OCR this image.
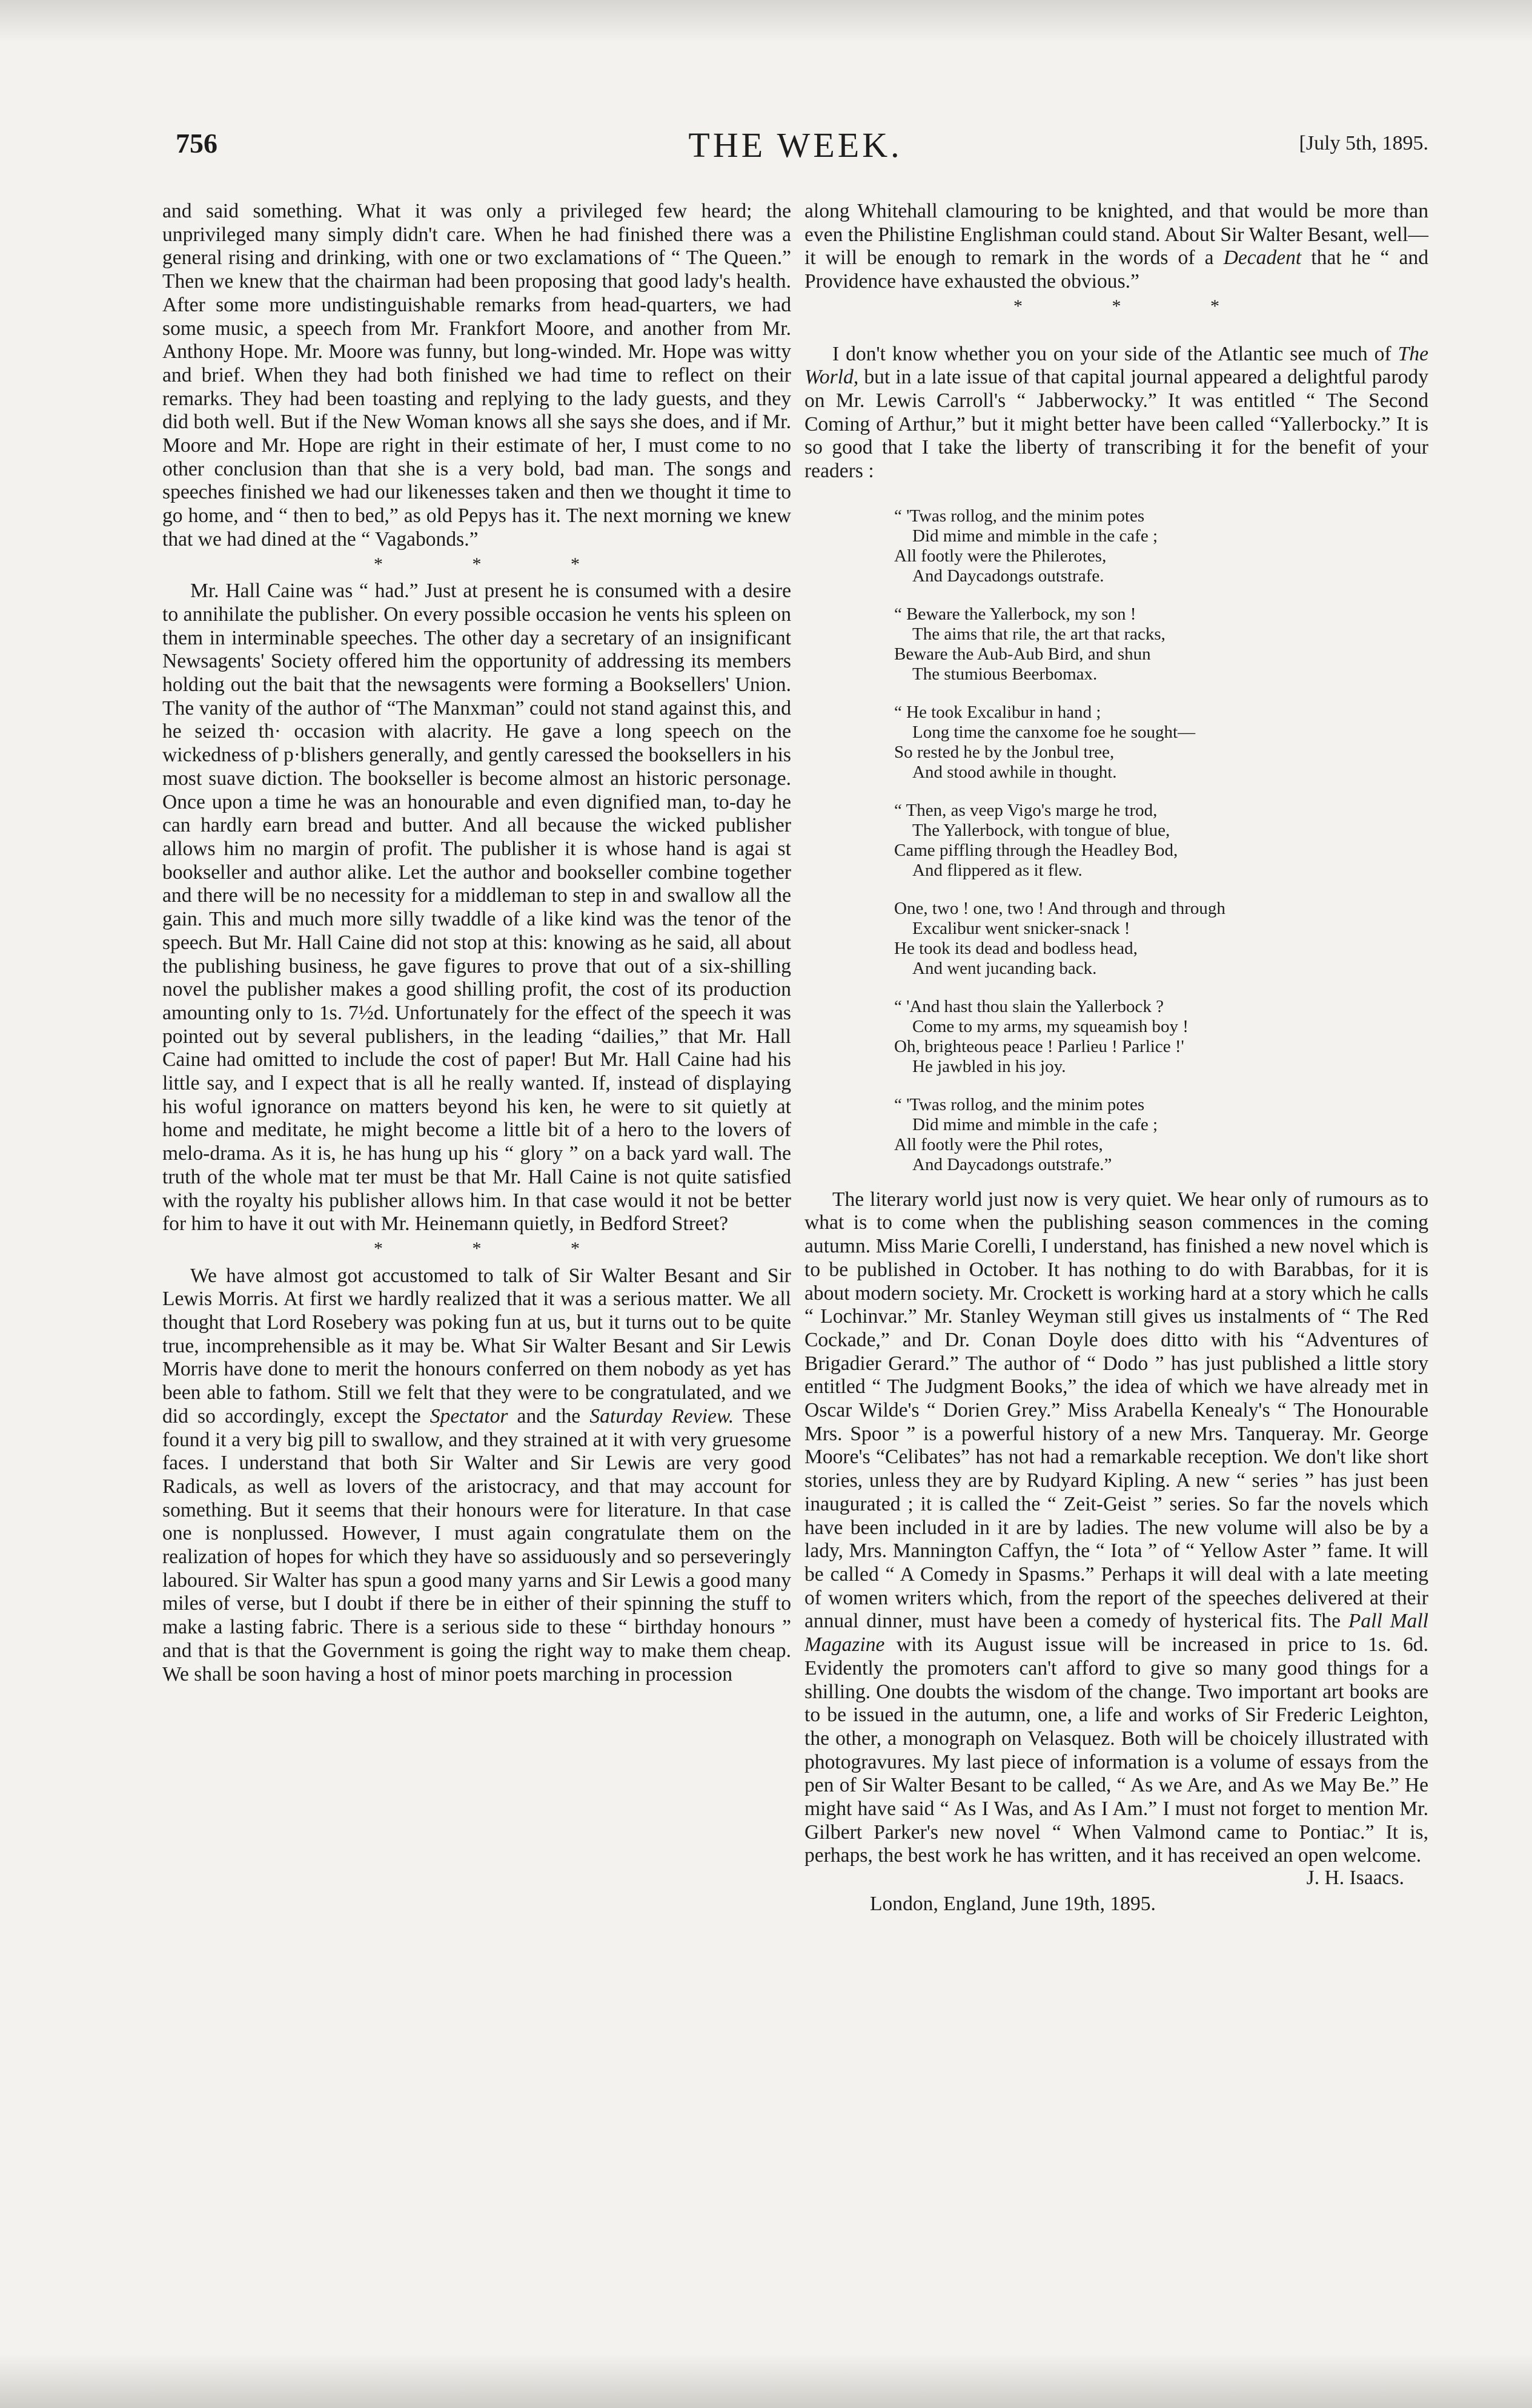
756	THE WEEK.	[July 5th, 1895.

and said something. What it was only a privileged few heard; the unprivileged many simply didn't care. When he had finished there was a general rising and drinking, with one or two exclamations of “ The Queen.” Then we knew that the chairman had been proposing that good lady's health. After some more undistinguishable remarks from head-quarters, we had some music, a speech from Mr. Frankfort Moore, and another from Mr. Anthony Hope. Mr. Moore was funny, but long-winded. Mr. Hope was witty and brief. When they had both finished we had time to reflect on their remarks. They had been toasting and replying to the lady guests, and they did both well. But if the New Woman knows all she says she does, and if Mr. Moore and Mr. Hope are right in their estimate of her, I must come to no other conclusion than that she is a very bold, bad man. The songs and speeches finished we had our likenesses taken and then we thought it time to go home, and “ then to bed,” as old Pepys has it. The next morning we knew that we had dined at the “ Vagabonds.”

* * *

Mr. Hall Caine was “ had.” Just at present he is consumed with a desire to annihilate the publisher. On every possible occasion he vents his spleen on them in interminable speeches. The other day a secretary of an insignificant Newsagents' Society offered him the opportunity of addressing its members holding out the bait that the newsagents were forming a Booksellers' Union. The vanity of the author of “The Manxman” could not stand against this, and he seized th· occasion with alacrity. He gave a long speech on the wickedness of p·blishers generally, and gently caressed the booksellers in his most suave diction. The bookseller is become almost an historic personage. Once upon a time he was an honourable and even dignified man, to-day he can hardly earn bread and butter. And all because the wicked publisher allows him no margin of profit. The publisher it is whose hand is agai st bookseller and author alike. Let the author and bookseller combine together and there will be no necessity for a middleman to step in and swallow all the gain. This and much more silly twaddle of a like kind was the tenor of the speech. But Mr. Hall Caine did not stop at this: knowing as he said, all about the publishing business, he gave figures to prove that out of a six-shilling novel the publisher makes a good shilling profit, the cost of its production amounting only to 1s. 7½d. Unfortunately for the effect of the speech it was pointed out by several publishers, in the leading “dailies,” that Mr. Hall Caine had omitted to include the cost of paper! But Mr. Hall Caine had his little say, and I expect that is all he really wanted. If, instead of displaying his woful ignorance on matters beyond his ken, he were to sit quietly at home and meditate, he might become a little bit of a hero to the lovers of melo-drama. As it is, he has hung up his “ glory ” on a back yard wall. The truth of the whole mat ter must be that Mr. Hall Caine is not quite satisfied with the royalty his publisher allows him. In that case would it not be better for him to have it out with Mr. Heinemann quietly, in Bedford Street?

* * *

We have almost got accustomed to talk of Sir Walter Besant and Sir Lewis Morris. At first we hardly realized that it was a serious matter. We all thought that Lord Rosebery was poking fun at us, but it turns out to be quite true, incomprehensible as it may be. What Sir Walter Besant and Sir Lewis Morris have done to merit the honours conferred on them nobody as yet has been able to fathom. Still we felt that they were to be congratulated, and we did so accordingly, except the Spectator and the Saturday Review. These found it a very big pill to swallow, and they strained at it with very gruesome faces. I understand that both Sir Walter and Sir Lewis are very good Radicals, as well as lovers of the aristocracy, and that may account for something. But it seems that their honours were for literature. In that case one is nonplussed. However, I must again congratulate them on the realization of hopes for which they have so assiduously and so perseveringly laboured. Sir Walter has spun a good many yarns and Sir Lewis a good many miles of verse, but I doubt if there be in either of their spinning the stuff to make a lasting fabric. There is a serious side to these “ birthday honours ” and that is that the Government is going the right way to make them cheap. We shall be soon having a host of minor poets marching in procession

along Whitehall clamouring to be knighted, and that would be more than even the Philistine Englishman could stand. About Sir Walter Besant, well—it will be enough to remark in the words of a Decadent that he “ and Providence have exhausted the obvious.”

* * *

I don't know whether you on your side of the Atlantic see much of The World, but in a late issue of that capital journal appeared a delightful parody on Mr. Lewis Carroll's “ Jabberwocky.” It was entitled “ The Second Coming of Arthur,” but it might better have been called “Yallerbocky.” It is so good that I take the liberty of transcribing it for the benefit of your readers :

“ 'Twas rollog, and the minim potes
Did mime and mimble in the cafe ;
All footly were the Philerotes,
And Daycadongs outstrafe.
“ Beware the Yallerbock, my son !
The aims that rile, the art that racks,
Beware the Aub-Aub Bird, and shun
The stumious Beerbomax.
“ He took Excalibur in hand ;
Long time the canxome foe he sought—
So rested he by the Jonbul tree,
And stood awhile in thought.
“ Then, as veep Vigo's marge he trod,
The Yallerbock, with tongue of blue,
Came piffling through the Headley Bod,
And flippered as it flew.
One, two ! one, two ! And through and through
Excalibur went snicker-snack !
He took its dead and bodless head,
And went jucanding back.
“ 'And hast thou slain the Yallerbock ?
Come to my arms, my squeamish boy !
Oh, brighteous peace ! Parlieu ! Parlice !'
He jawbled in his joy.
“ 'Twas rollog, and the minim potes
Did mime and mimble in the cafe ;
All footly were the Phil rotes,
And Daycadongs outstrafe.”

The literary world just now is very quiet. We hear only of rumours as to what is to come when the publishing season commences in the coming autumn. Miss Marie Corelli, I understand, has finished a new novel which is to be published in October. It has nothing to do with Barabbas, for it is about modern society. Mr. Crockett is working hard at a story which he calls “ Lochinvar.” Mr. Stanley Weyman still gives us instalments of “ The Red Cockade,” and Dr. Conan Doyle does ditto with his “Adventures of Brigadier Gerard.” The author of “ Dodo ” has just published a little story entitled “ The Judgment Books,” the idea of which we have already met in Oscar Wilde's “ Dorien Grey.” Miss Arabella Kenealy's “ The Honourable Mrs. Spoor ” is a powerful history of a new Mrs. Tanqueray. Mr. George Moore's “Celibates” has not had a remarkable reception. We don't like short stories, unless they are by Rudyard Kipling. A new “ series ” has just been inaugurated ; it is called the “ Zeit-Geist ” series. So far the novels which have been included in it are by ladies. The new volume will also be by a lady, Mrs. Mannington Caffyn, the “ Iota ” of “ Yellow Aster ” fame. It will be called “ A Comedy in Spasms.” Perhaps it will deal with a late meeting of women writers which, from the report of the speeches delivered at their annual dinner, must have been a comedy of hysterical fits. The Pall Mall Magazine with its August issue will be increased in price to 1s. 6d. Evidently the promoters can't afford to give so many good things for a shilling. One doubts the wisdom of the change. Two important art books are to be issued in the autumn, one, a life and works of Sir Frederic Leighton, the other, a monograph on Velasquez. Both will be choicely illustrated with photogravures. My last piece of information is a volume of essays from the pen of Sir Walter Besant to be called, “ As we Are, and As we May Be.” He might have said “ As I Was, and As I Am.” I must not forget to mention Mr. Gilbert Parker's new novel “ When Valmond came to Pontiac.” It is, perhaps, the best work he has written, and it has received an open welcome.

J. H. Isaacs.

London, England, June 19th, 1895.
